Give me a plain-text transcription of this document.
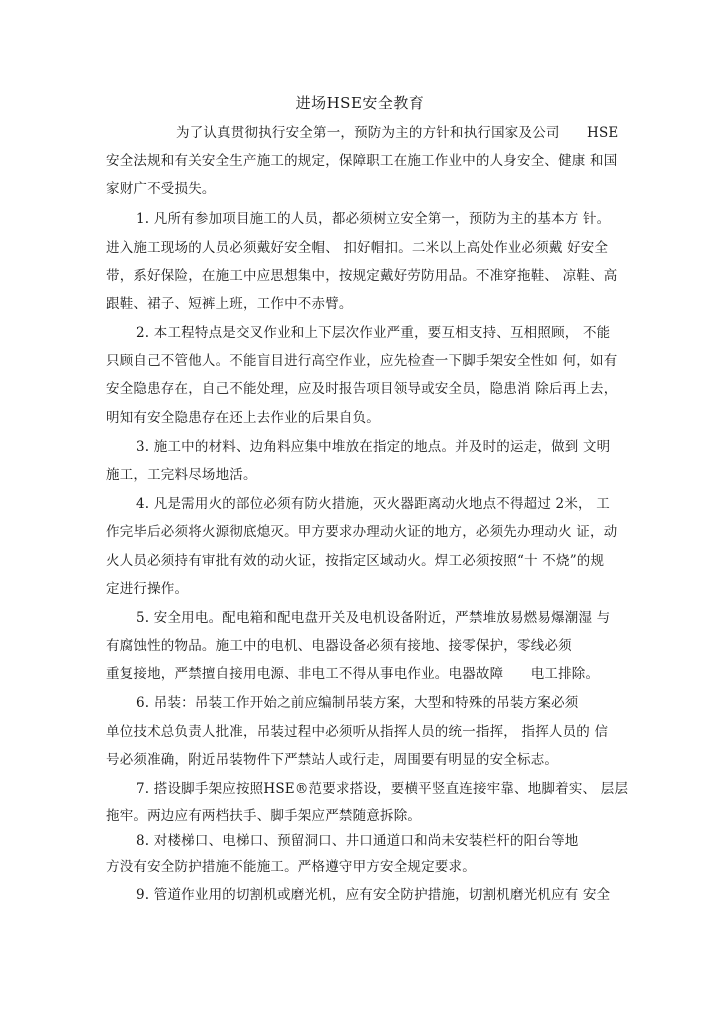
进场HSE安全教育
为了认真贯彻执行安全第一，预防为主的方针和执行国家及公司　　HSE
安全法规和有关安全生产施工的规定，保障职工在施工作业中的人身安全、健康 和国
家财广不受损失。
1. 凡所有参加项目施工的人员，都必须树立安全第一，预防为主的基本方 针。
进入施工现场的人员必须戴好安全帽、 扣好帽扣。二米以上高处作业必须戴 好安全
带，系好保险，在施工中应思想集中，按规定戴好劳防用品。不准穿拖鞋、 凉鞋、高
跟鞋、裙子、短裤上班，工作中不赤臂。
2. 本工程特点是交叉作业和上下层次作业严重，要互相支持、互相照顾， 不能
只顾自己不管他人。不能盲目进行高空作业，应先检查一下脚手架安全性如 何，如有
安全隐患存在，自己不能处理，应及时报告项目领导或安全员，隐患消 除后再上去，
明知有安全隐患存在还上去作业的后果自负。
3. 施工中的材料、边角料应集中堆放在指定的地点。并及时的运走，做到 文明
施工，工完料尽场地活。
4. 凡是需用火的部位必须有防火措施，灭火器距离动火地点不得超过 2米， 工
作完毕后必须将火源彻底熄灭。甲方要求办理动火证的地方，必须先办理动火 证，动
火人员必须持有审批有效的动火证，按指定区域动火。焊工必须按照“十 不烧”的规
定进行操作。
5. 安全用电。配电箱和配电盘开关及电机设备附近，严禁堆放易燃易爆潮湿 与
有腐蚀性的物品。施工中的电机、电器设备必须有接地、接零保护，零线必须
重复接地，严禁擅自接用电源、非电工不得从事电作业。电器故障　　电工排除。
6. 吊装：吊装工作开始之前应编制吊装方案，大型和特殊的吊装方案必须
单位技术总负责人批准，吊装过程中必须听从指挥人员的统一指挥， 指挥人员的 信
号必须准确，附近吊装物件下严禁站人或行走，周围要有明显的安全标志。
7. 搭设脚手架应按照HSE®范要求搭设，要横平竖直连接牢靠、地脚着实、 层层
拖牢。两边应有两档扶手、脚手架应严禁随意拆除。
8. 对楼梯口、电梯口、预留洞口、井口通道口和尚未安装栏杆的阳台等地
方没有安全防护措施不能施工。严格遵守甲方安全规定要求。
9. 管道作业用的切割机或磨光机，应有安全防护措施，切割机磨光机应有 安全
